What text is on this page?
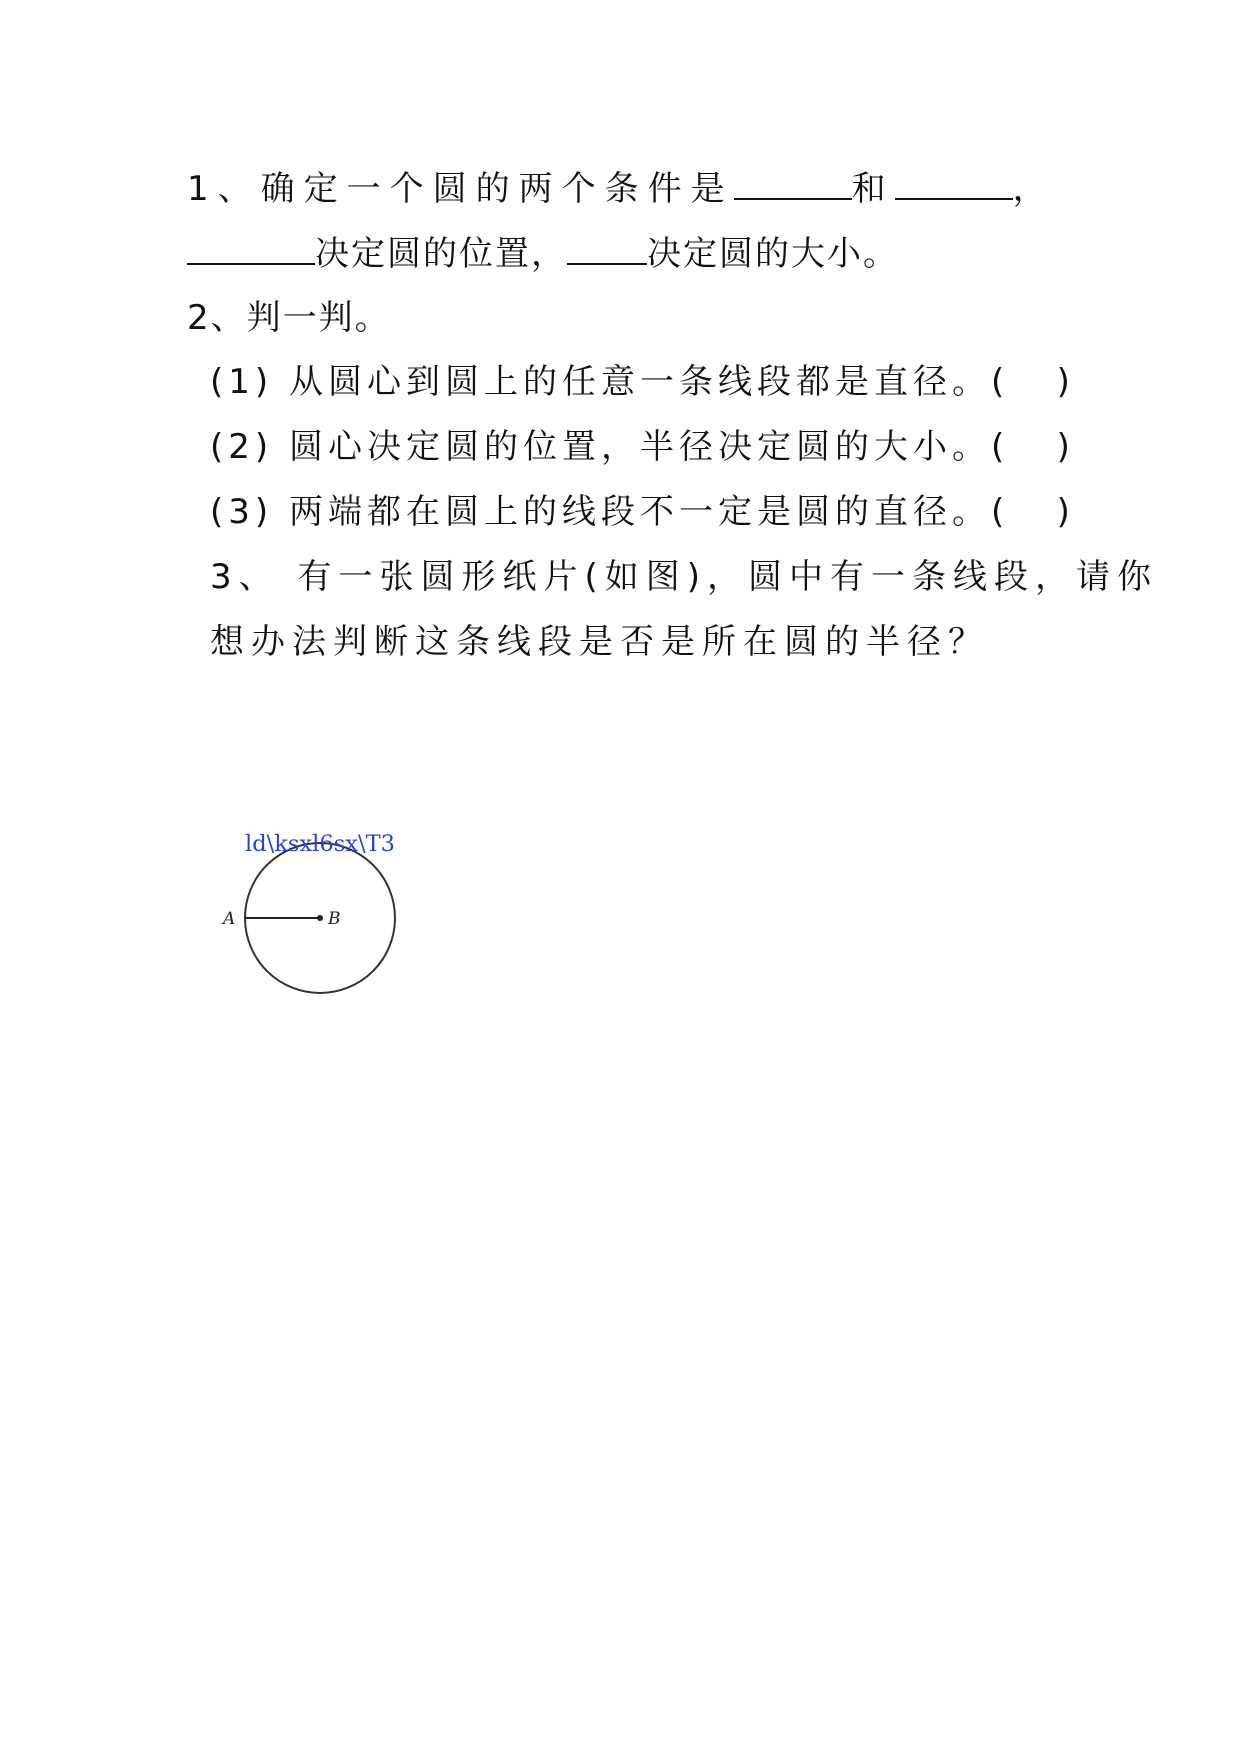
1、确定一个圆的两个条件是	和	，
决定圆的位置， 决定圆的大小。
2、判一判。
(1) 从圆心到圆上的任意一条线段都是直径。(   )
(2) 圆心决定圆的位置，半径决定圆的大小。(   )
(3) 两端都在圆上的线段不一定是圆的直径。(   )
3、 有一张圆形纸片(如图)，圆中有一条线段，请你
想办法判断这条线段是否是所在圆的半径？
ld\ksxl6sx\T3
A	B
